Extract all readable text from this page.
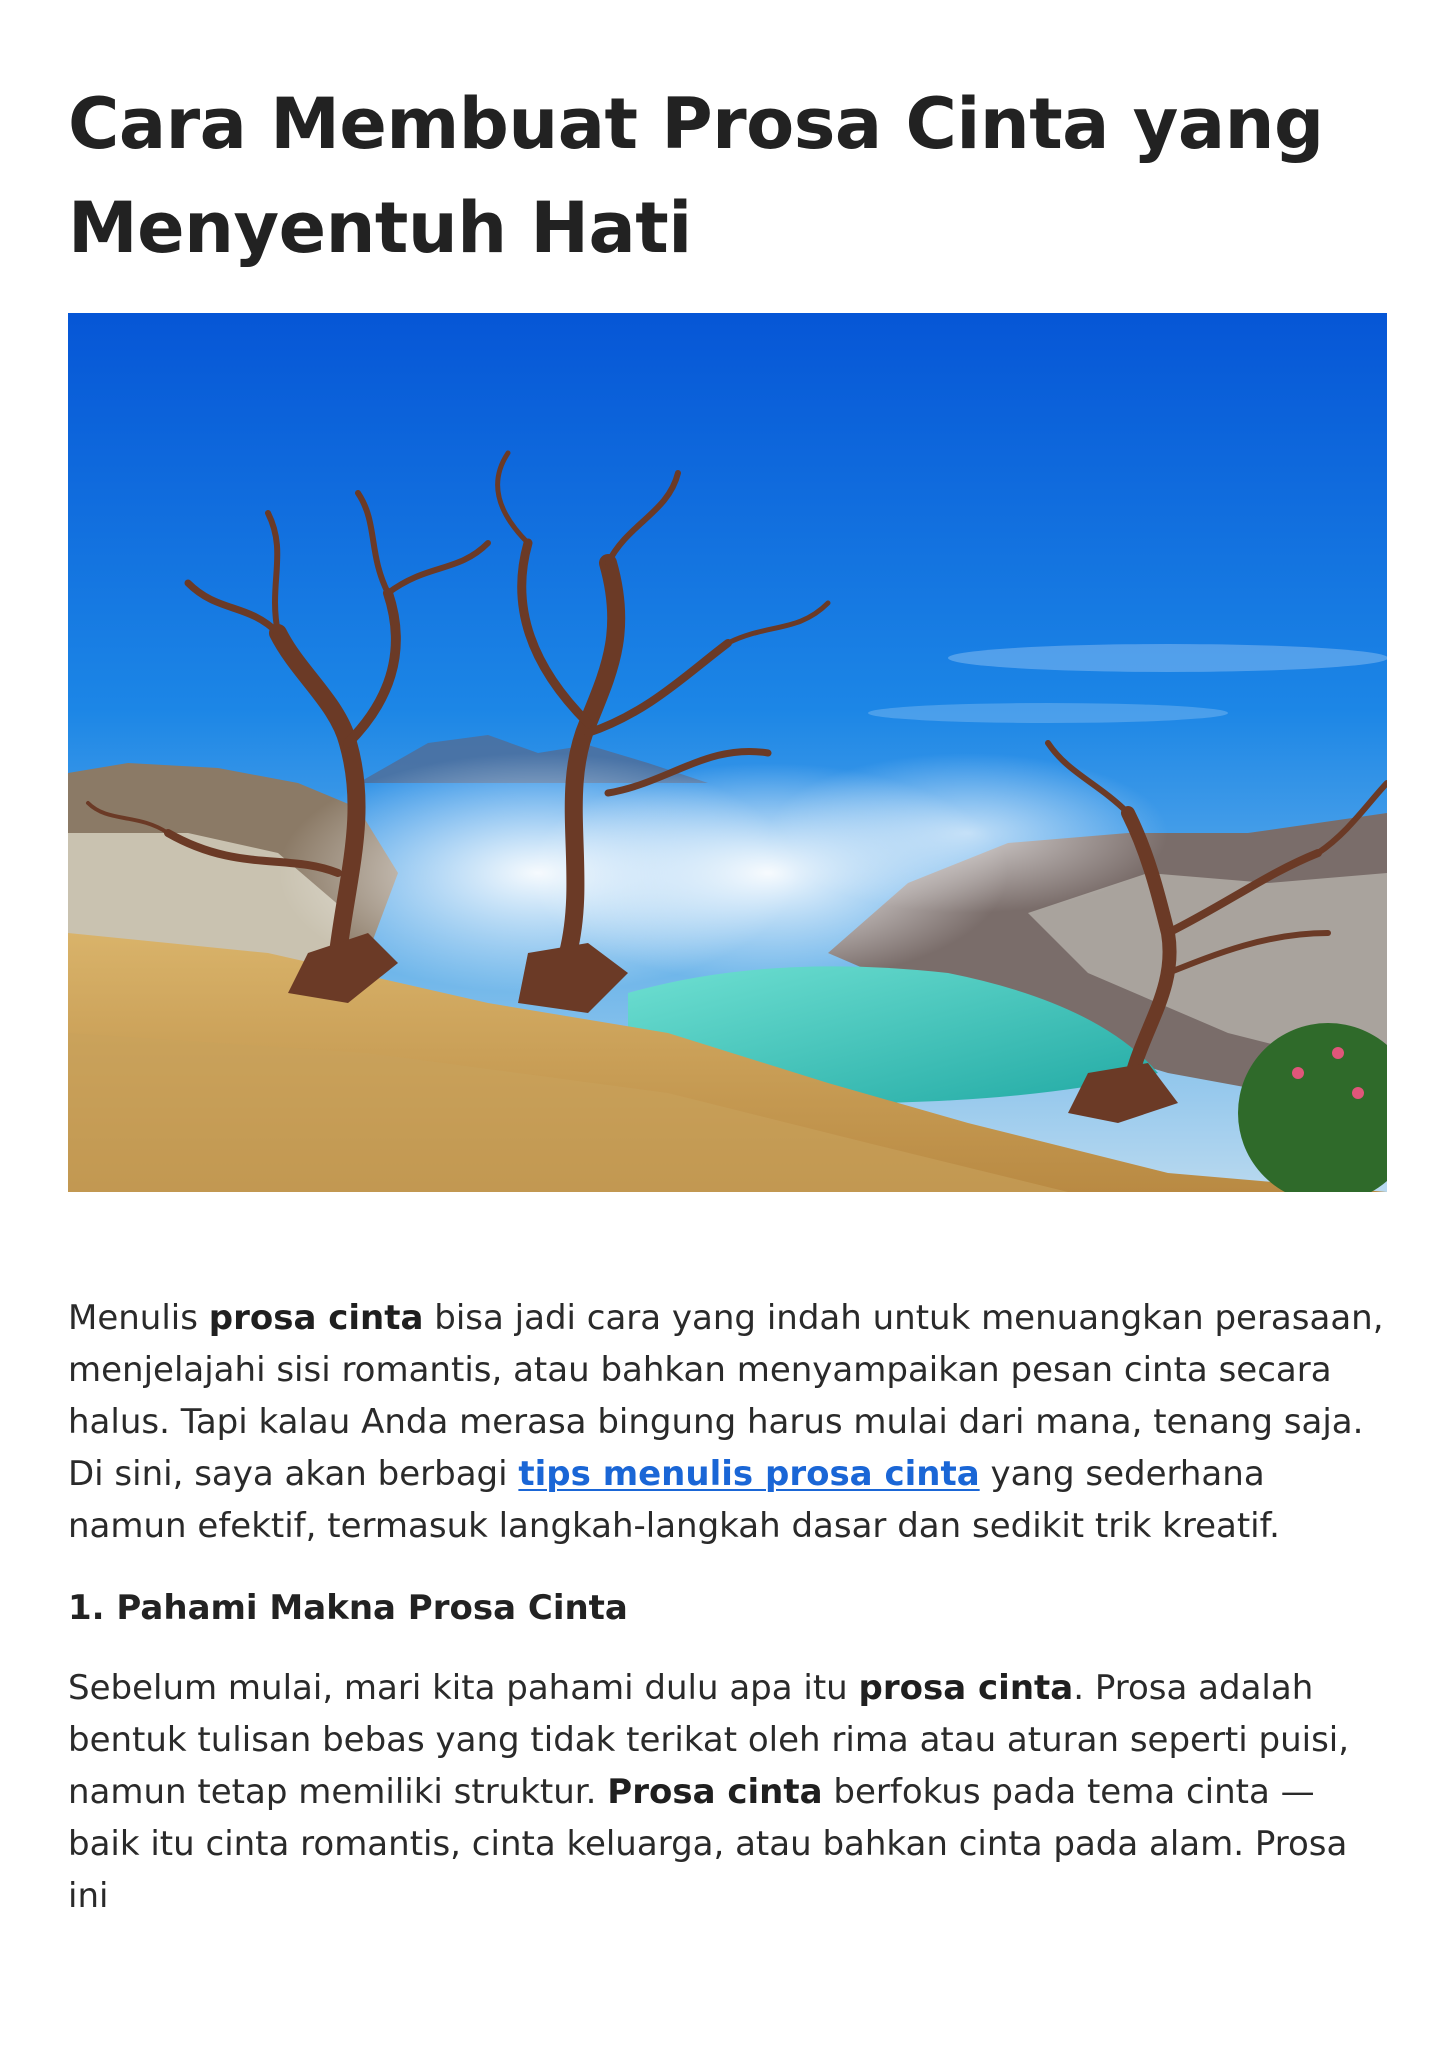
Cara Membuat Prosa Cinta yang Menyentuh Hati

Menulis prosa cinta bisa jadi cara yang indah untuk menuangkan perasaan, menjelajahi sisi romantis, atau bahkan menyampaikan pesan cinta secara halus. Tapi kalau Anda merasa bingung harus mulai dari mana, tenang saja. Di sini, saya akan berbagi tips menulis prosa cinta yang sederhana namun efektif, termasuk langkah-langkah dasar dan sedikit trik kreatif.

1. Pahami Makna Prosa Cinta

Sebelum mulai, mari kita pahami dulu apa itu prosa cinta. Prosa adalah bentuk tulisan bebas yang tidak terikat oleh rima atau aturan seperti puisi, namun tetap memiliki struktur. Prosa cinta berfokus pada tema cinta — baik itu cinta romantis, cinta keluarga, atau bahkan cinta pada alam. Prosa ini
